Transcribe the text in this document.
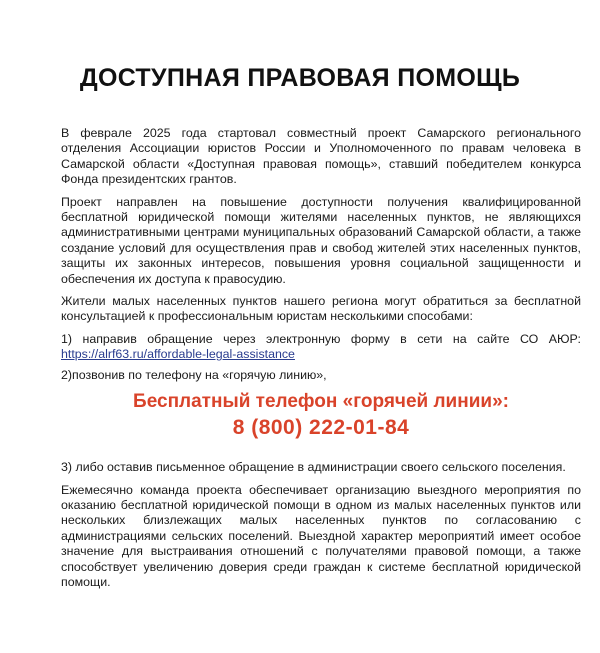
ДОСТУПНАЯ ПРАВОВАЯ ПОМОЩЬ

В феврале 2025 года стартовал совместный проект Самарского регионального отделения Ассоциации юристов России и Уполномоченного по правам человека в Самарской области «Доступная правовая помощь», ставший победителем конкурса Фонда президентских грантов.

Проект направлен на повышение доступности получения квалифицированной бесплатной юридической помощи жителями населенных пунктов, не являющихся административными центрами муниципальных образований Самарской области, а также создание условий для осуществления прав и свобод жителей этих населенных пунктов, защиты их законных интересов, повышения уровня социальной защищенности и обеспечения их доступа к правосудию.

Жители малых населенных пунктов нашего региона могут обратиться за бесплатной консультацией к профессиональным юристам несколькими способами:

1) направив обращение через электронную форму в сети на сайте СО АЮР: https://alrf63.ru/affordable-legal-assistance

2)позвонив по телефону на «горячую линию»,

Бесплатный телефон «горячей линии»:
8 (800) 222-01-84

3) либо оставив письменное обращение в администрации своего сельского поселения.

Ежемесячно команда проекта обеспечивает организацию выездного мероприятия по оказанию бесплатной юридической помощи в одном из малых населенных пунктов или нескольких близлежащих малых населенных пунктов по согласованию с администрациями сельских поселений. Выездной характер мероприятий имеет особое значение для выстраивания отношений с получателями правовой помощи, а также способствует увеличению доверия среди граждан к системе бесплатной юридической помощи.
